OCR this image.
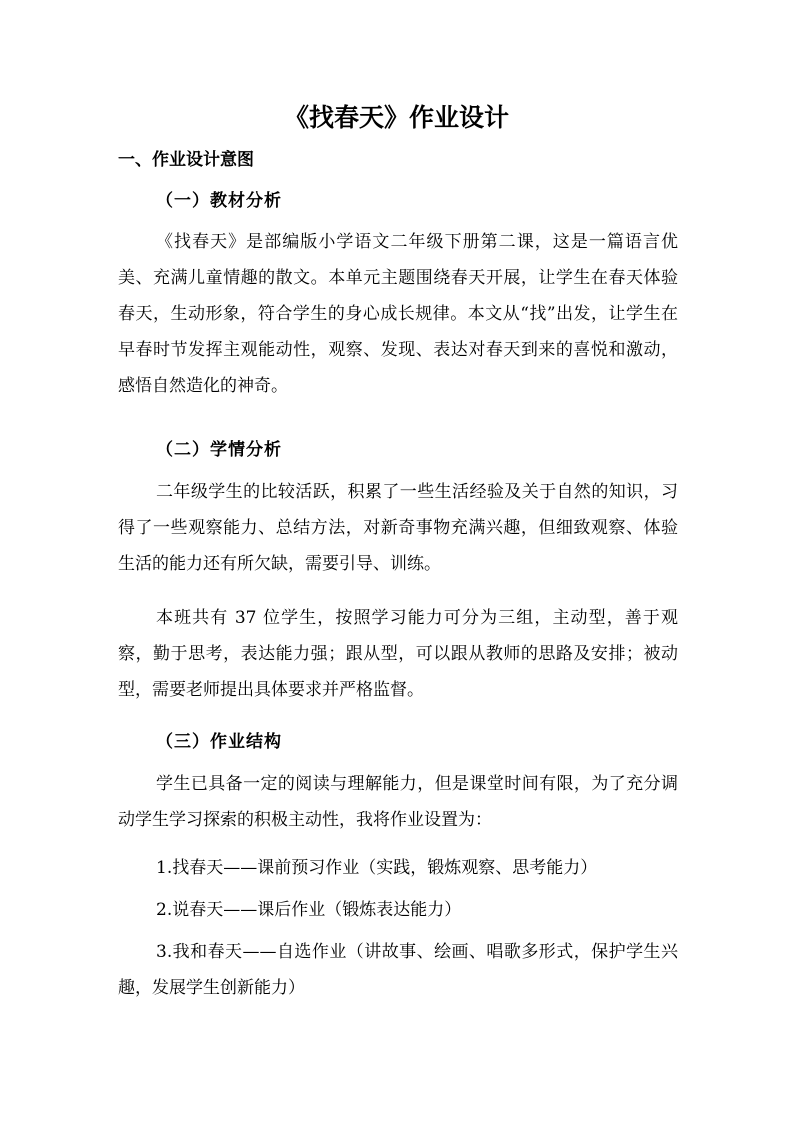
《找春天》作业设计
一、作业设计意图
（一）教材分析

《找春天》是部编版小学语文二年级下册第二课，这是一篇语言优美、充满儿童情趣的散文。本单元主题围绕春天开展，让学生在春天体验春天，生动形象，符合学生的身心成长规律。本文从“找”出发，让学生在早春时节发挥主观能动性，观察、发现、表达对春天到来的喜悦和激动，感悟自然造化的神奇。

（二）学情分析

二年级学生的比较活跃，积累了一些生活经验及关于自然的知识，习得了一些观察能力、总结方法，对新奇事物充满兴趣，但细致观察、体验生活的能力还有所欠缺，需要引导、训练。

本班共有 37 位学生，按照学习能力可分为三组，主动型，善于观察，勤于思考，表达能力强；跟从型，可以跟从教师的思路及安排；被动型，需要老师提出具体要求并严格监督。

（三）作业结构

学生已具备一定的阅读与理解能力，但是课堂时间有限，为了充分调动学生学习探索的积极主动性，我将作业设置为：

1.找春天——课前预习作业（实践，锻炼观察、思考能力）

2.说春天——课后作业（锻炼表达能力）

3.我和春天——自选作业（讲故事、绘画、唱歌多形式，保护学生兴趣，发展学生创新能力）
